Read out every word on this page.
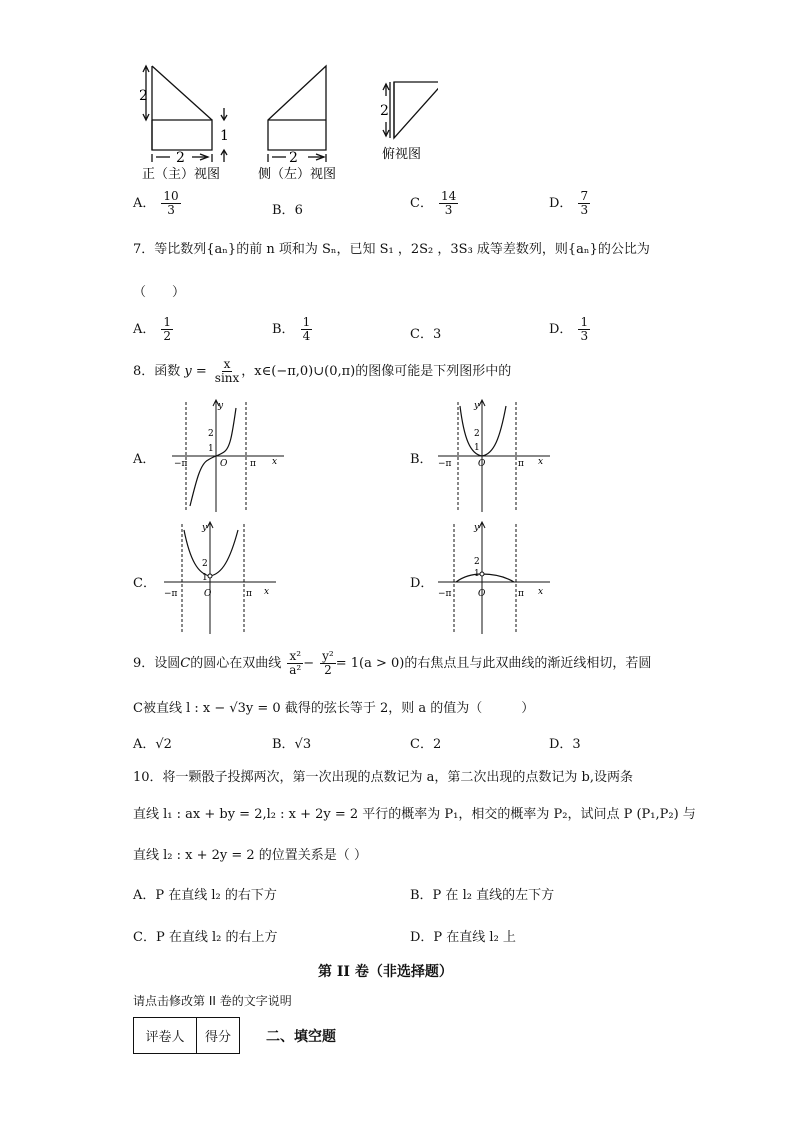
2
1
2
正（主）视图
2
侧（左）视图
2
俯视图
A． $\frac{10}{3}$	B．6	C． $\frac{14}{3}$	D． $\frac{7}{3}$
7．等比数列{aₙ}的前 n 项和为 Sₙ，已知 S₁ ，2S₂ ，3S₃ 成等差数列，则{aₙ}的公比为
（　　）
A． $\frac{1}{2}$	B． $\frac{1}{4}$	C．3	D． $\frac{1}{3}$
8．函数 $y = \frac{x}{\sin x}$ ，x∈(−π,0)∪(0,π)的图像可能是下列图形中的
A．
y
x
O
−π	π
2
1
B．
y
x
O
−π	π
2
1
C．
y
x
O
−π	π
2
1	D．
y
x
O
−π	π
2
1
9．设圆C的圆心在双曲线 $\frac{\text{x²}}{\text{a²}} - \frac{\text{y²}}{2} = 1(a > 0)$的右焦点且与此双曲线的渐近线相切，若圆
C被直线 l : x − √3y = 0 截得的弦长等于 2，则 a 的值为（　　　）
A．√2	B．√3	C．2	D．3
10．将一颗骰子投掷两次，第一次出现的点数记为 a，第二次出现的点数记为 b,设两条
直线 l₁ : ax + by = 2,l₂ : x + 2y = 2 平行的概率为 P₁，相交的概率为 P₂，试问点 P (P₁,P₂) 与
直线 l₂ : x + 2y = 2 的位置关系是（ ）
A．P 在直线 l₂ 的右下方	B．P 在 l₂ 直线的左下方
C．P 在直线 l₂ 的右上方	D．P 在直线 l₂ 上
第 II 卷（非选择题）
请点击修改第 II 卷的文字说明
评卷人	得分	二、填空题
